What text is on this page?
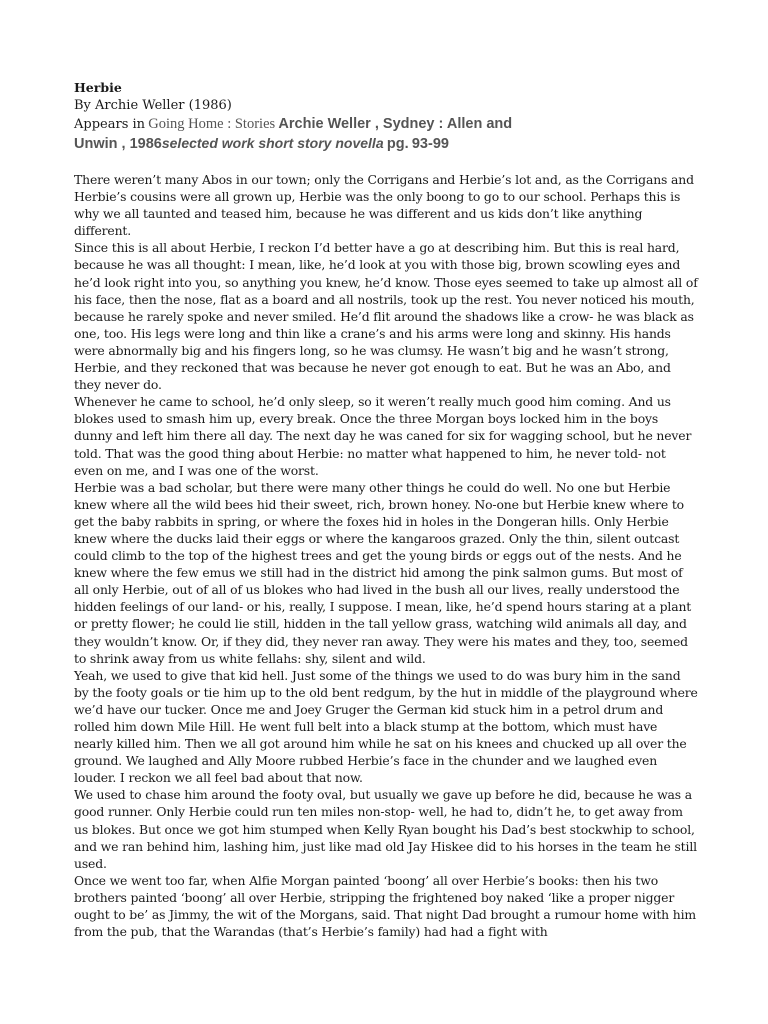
Herbie

By Archie Weller (1986)

Appears in Going Home : Stories Archie Weller , Sydney : Allen and
Unwin , 1986selected work short story novella pg. 93-99

There weren’t many Abos in our town; only the Corrigans and Herbie’s lot and, as the Corrigans and Herbie’s cousins were all grown up, Herbie was the only boong to go to our school. Perhaps this is why we all taunted and teased him, because he was different and us kids don’t like anything different.

Since this is all about Herbie, I reckon I’d better have a go at describing him. But this is real hard, because he was all thought: I mean, like, he’d look at you with those big, brown scowling eyes and he’d look right into you, so anything you knew, he’d know. Those eyes seemed to take up almost all of his face, then the nose, flat as a board and all nostrils, took up the rest. You never noticed his mouth, because he rarely spoke and never smiled. He’d flit around the shadows like a crow- he was black as one, too. His legs were long and thin like a crane’s and his arms were long and skinny. His hands were abnormally big and his fingers long, so he was clumsy. He wasn’t big and he wasn’t strong, Herbie, and they reckoned that was because he never got enough to eat. But he was an Abo, and they never do.

Whenever he came to school, he’d only sleep, so it weren’t really much good him coming. And us blokes used to smash him up, every break. Once the three Morgan boys locked him in the boys dunny and left him there all day. The next day he was caned for six for wagging school, but he never told. That was the good thing about Herbie: no matter what happened to him, he never told- not even on me, and I was one of the worst.

Herbie was a bad scholar, but there were many other things he could do well. No one but Herbie knew where all the wild bees hid their sweet, rich, brown honey. No-one but Herbie knew where to get the baby rabbits in spring, or where the foxes hid in holes in the Dongeran hills. Only Herbie knew where the ducks laid their eggs or where the kangaroos grazed. Only the thin, silent outcast could climb to the top of the highest trees and get the young birds or eggs out of the nests. And he knew where the few emus we still had in the district hid among the pink salmon gums. But most of all only Herbie, out of all of us blokes who had lived in the bush all our lives, really understood the hidden feelings of our land- or his, really, I suppose. I mean, like, he’d spend hours staring at a plant or pretty flower; he could lie still, hidden in the tall yellow grass, watching wild animals all day, and they wouldn’t know. Or, if they did, they never ran away. They were his mates and they, too, seemed to shrink away from us white fellahs: shy, silent and wild.

Yeah, we used to give that kid hell. Just some of the things we used to do was bury him in the sand by the footy goals or tie him up to the old bent redgum, by the hut in middle of the playground where we’d have our tucker. Once me and Joey Gruger the German kid stuck him in a petrol drum and rolled him down Mile Hill. He went full belt into a black stump at the bottom, which must have nearly killed him. Then we all got around him while he sat on his knees and chucked up all over the ground. We laughed and Ally Moore rubbed Herbie’s face in the chunder and we laughed even louder. I reckon we all feel bad about that now.

We used to chase him around the footy oval, but usually we gave up before he did, because he was a good runner. Only Herbie could run ten miles non-stop- well, he had to, didn’t he, to get away from us blokes. But once we got him stumped when Kelly Ryan bought his Dad’s best stockwhip to school, and we ran behind him, lashing him, just like mad old Jay Hiskee did to his horses in the team he still used.

Once we went too far, when Alfie Morgan painted ‘boong’ all over Herbie’s books: then his two brothers painted ‘boong’ all over Herbie, stripping the frightened boy naked ‘like a proper nigger ought to be’ as Jimmy, the wit of the Morgans, said. That night Dad brought a rumour home with him from the pub, that the Warandas (that’s Herbie’s family) had had a fight with
